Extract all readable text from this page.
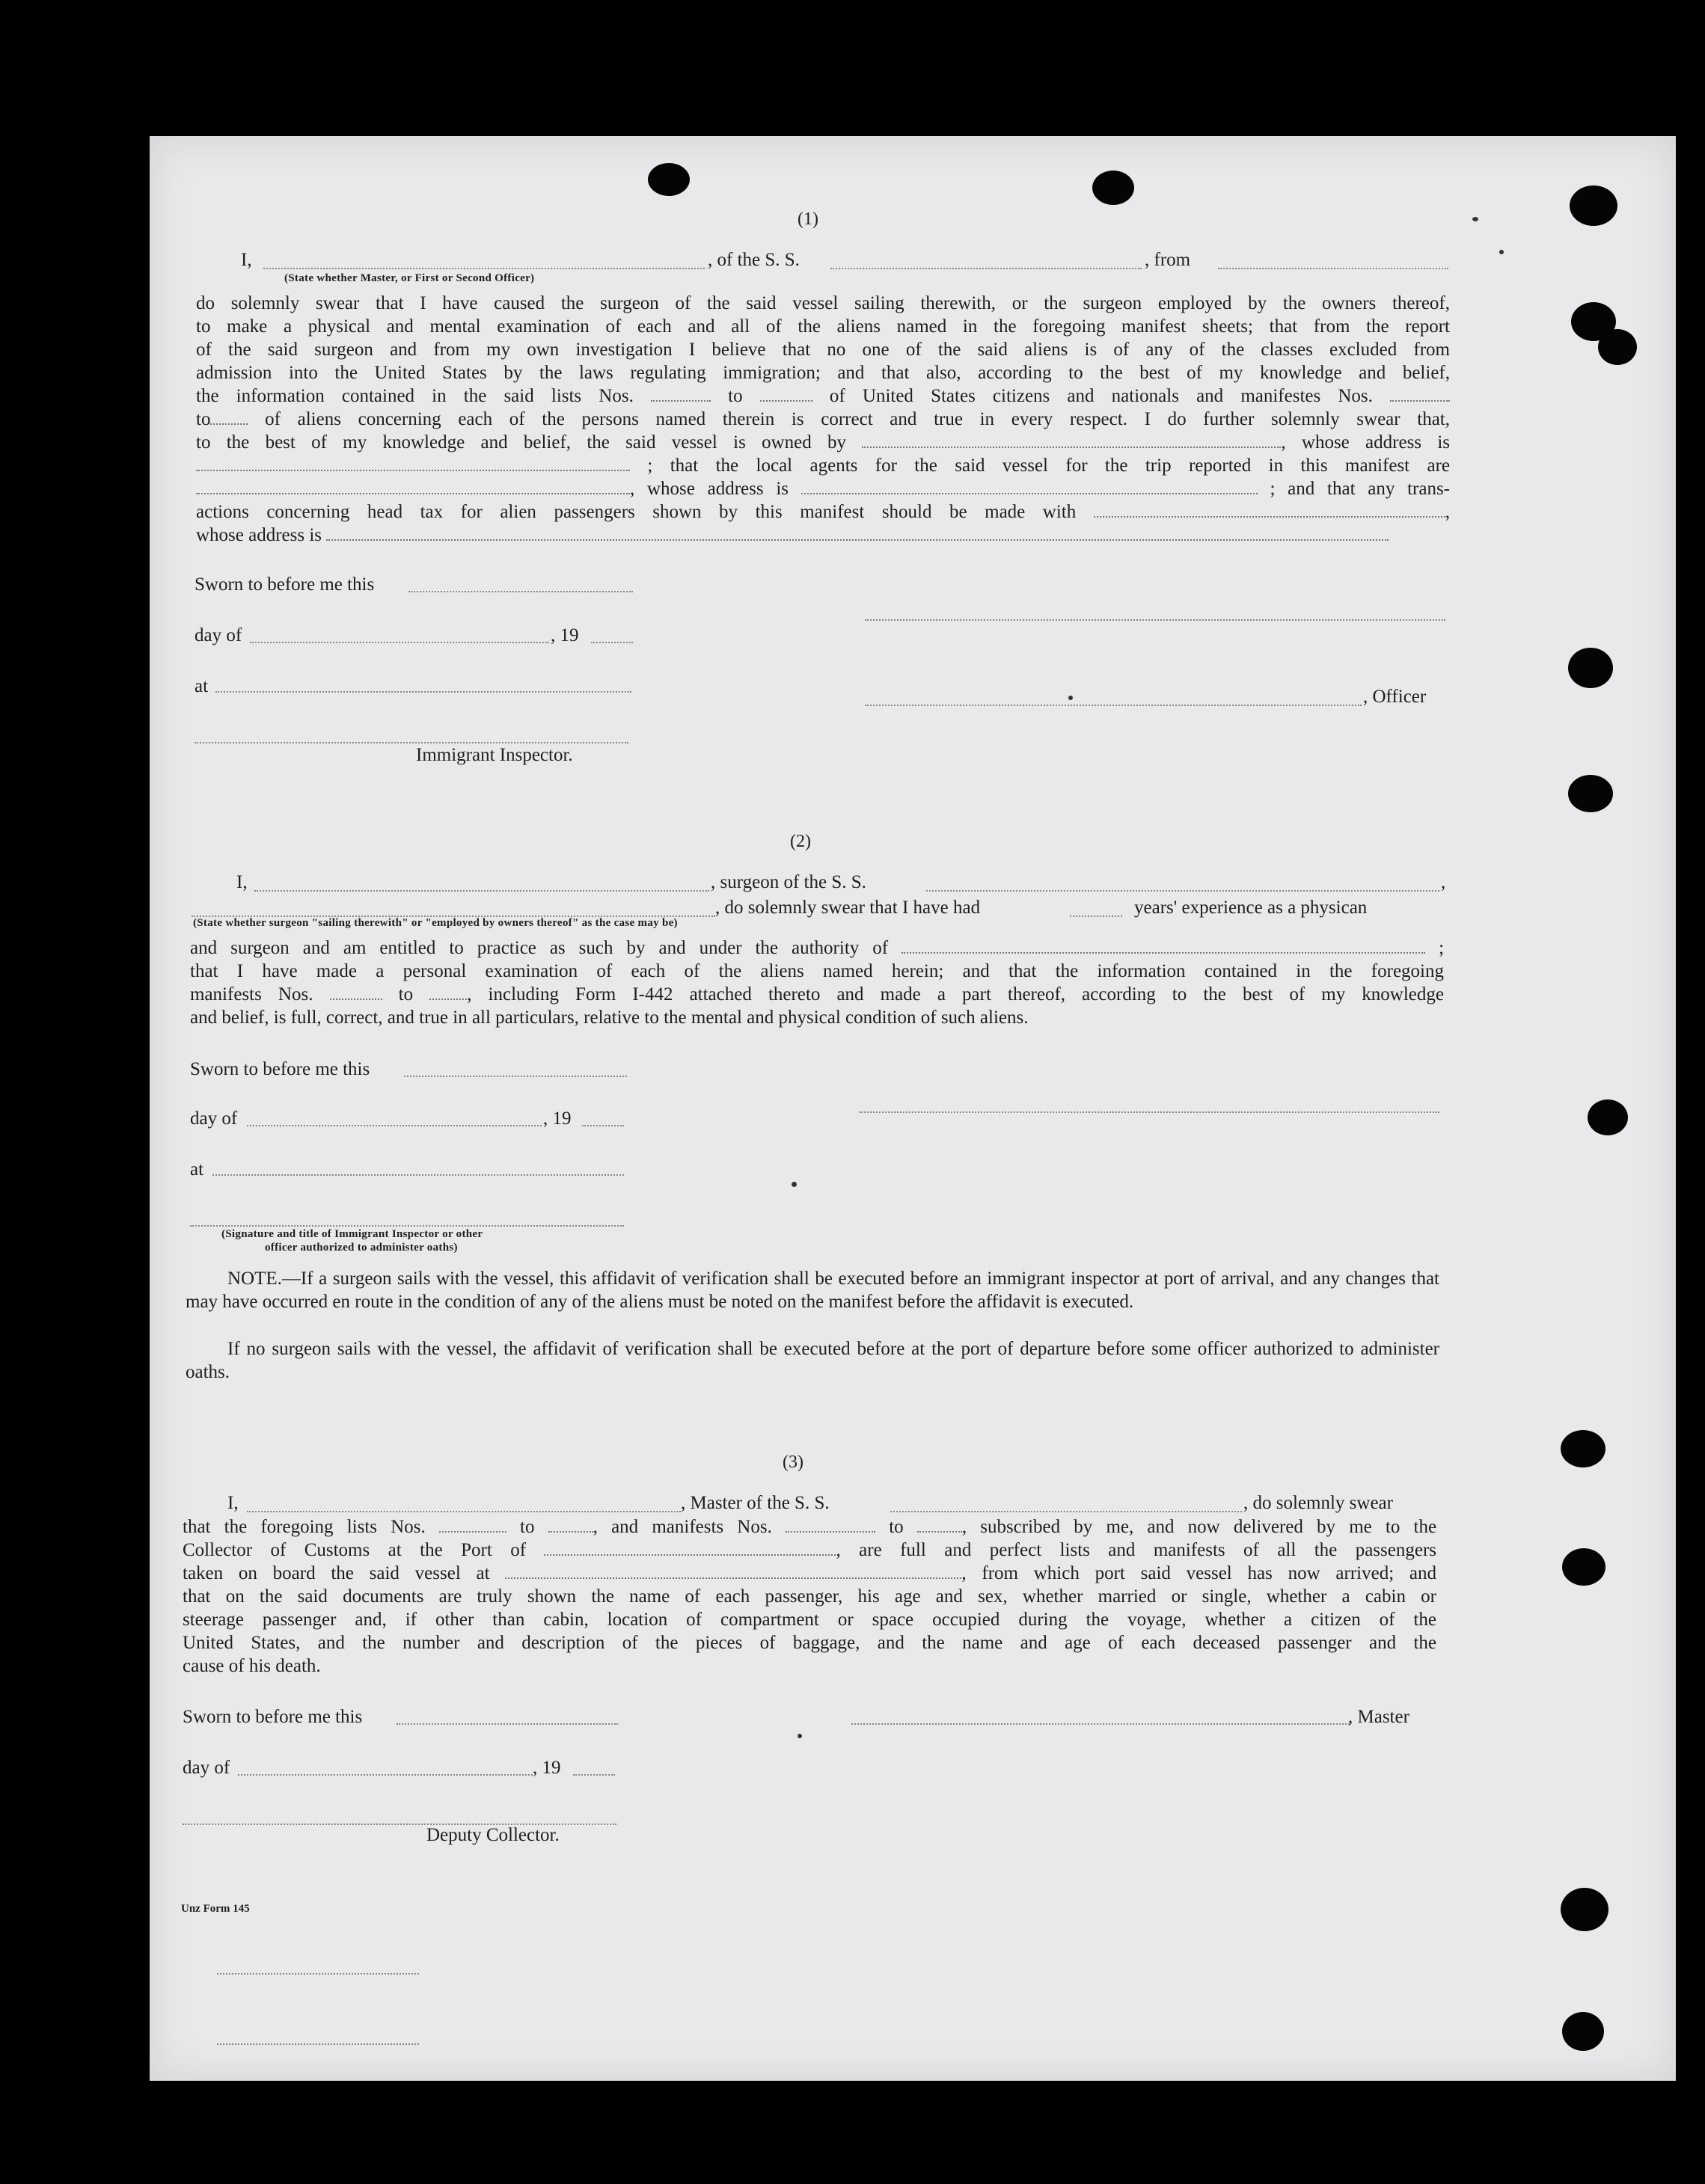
(1)
I,	, of the S. S.	, from
(State whether Master, or First or Second Officer)
do solemnly swear that I have caused the surgeon of the said vessel sailing therewith, or the surgeon employed by the owners thereof,
to make a physical and mental examination of each and all of the aliens named in the foregoing manifest sheets; that from the report
of the said surgeon and from my own investigation I believe that no one of the said aliens is of any of the classes excluded from
admission into the United States by the laws regulating immigration; and that also, according to the best of my knowledge and belief,
the information contained in the said lists Nos.	to	of United States citizens and nationals and manifestes Nos.
to	of aliens concerning each of the persons named therein is correct and true in every respect. I do further solemnly swear that,
to the best of my knowledge and belief, the said vessel is owned by	, whose address is
; that the local agents for the said vessel for the trip reported in this manifest are
, whose address is	; and that any trans-
actions concerning head tax for alien passengers shown by this manifest should be made with	,
whose address is
Sworn to before me this
day of	, 19
at
, Officer
Immigrant Inspector.
(2)
I,	, surgeon of the S. S.	,
, do solemnly swear that I have had	years' experience as a physican
(State whether surgeon "sailing therewith" or "employed by owners thereof" as the case may be)
and surgeon and am entitled to practice as such by and under the authority of	;
that I have made a personal examination of each of the aliens named herein; and that the information contained in the foregoing
manifests Nos.	to	, including Form I-442 attached thereto and made a part thereof, according to the best of my knowledge
and belief, is full, correct, and true in all particulars, relative to the mental and physical condition of such aliens.
Sworn to before me this
day of	, 19
at
(Signature and title of Immigrant Inspector or other
officer authorized to administer oaths)
NOTE.—If a surgeon sails with the vessel, this affidavit of verification shall be executed before an immigrant inspector at port of arrival, and any changes that may have occurred en route in the condition of any of the aliens must be noted on the manifest before the affidavit is executed.
If no surgeon sails with the vessel, the affidavit of verification shall be executed before at the port of departure before some officer authorized to administer oaths.
(3)
I,	, Master of the S. S.	, do solemnly swear
that the foregoing lists Nos.	to	, and manifests Nos.	to	, subscribed by me, and now delivered by me to the
Collector of Customs at the Port of	, are full and perfect lists and manifests of all the passengers
taken on board the said vessel at	, from which port said vessel has now arrived; and
that on the said documents are truly shown the name of each passenger, his age and sex, whether married or single, whether a cabin or
steerage passenger and, if other than cabin, location of compartment or space occupied during the voyage, whether a citizen of the
United States, and the number and description of the pieces of baggage, and the name and age of each deceased passenger and the
cause of his death.
Sworn to before me this	, Master
day of	, 19
Deputy Collector.
Unz Form 145
